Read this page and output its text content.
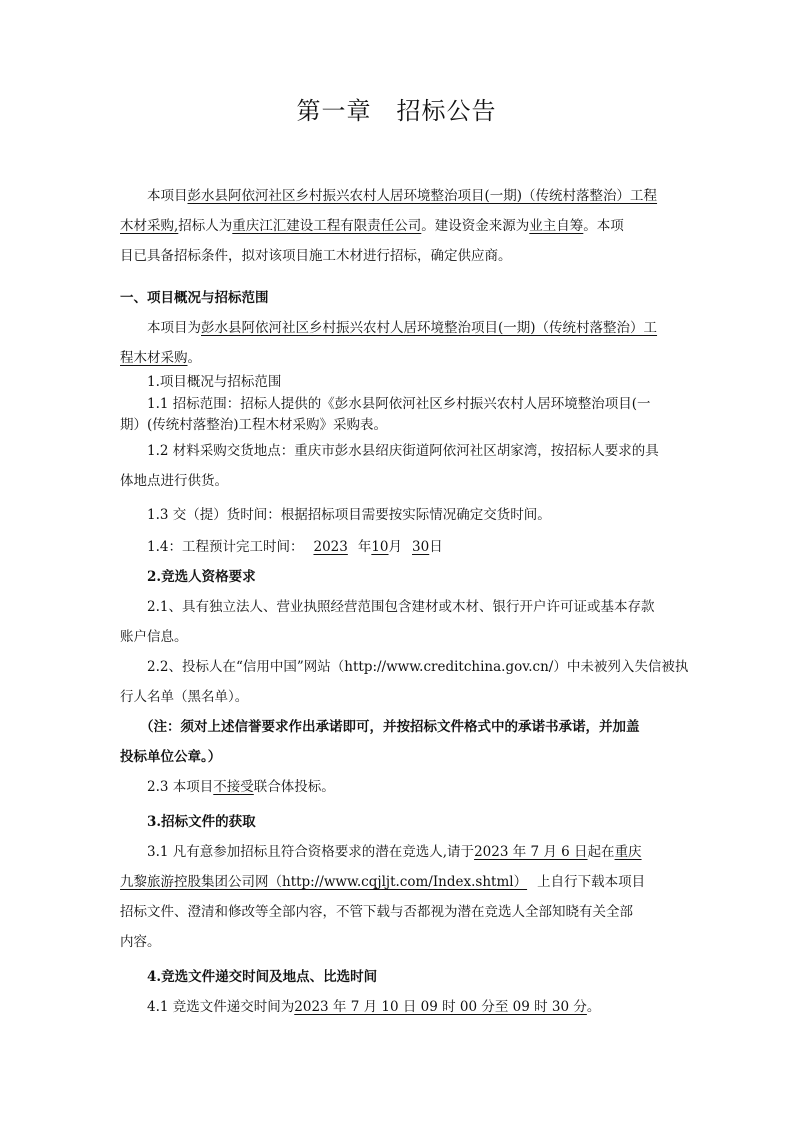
第一章　招标公告

本项目彭水县阿依河社区乡村振兴农村人居环境整治项目(一期)（传统村落整治）工程

木材采购,招标人为重庆江汇建设工程有限责任公司。建设资金来源为业主自筹。本项

目已具备招标条件，拟对该项目施工木材进行招标，确定供应商。

一、项目概况与招标范围

本项目为彭水县阿依河社区乡村振兴农村人居环境整治项目(一期)（传统村落整治）工

程木材采购。

1.项目概况与招标范围

1.1 招标范围：招标人提供的《彭水县阿依河社区乡村振兴农村人居环境整治项目(一

期）(传统村落整治)工程木材采购》采购表。

1.2 材料采购交货地点：重庆市彭水县绍庆街道阿依河社区胡家湾，按招标人要求的具

体地点进行供货。

1.3 交（提）货时间：根据招标项目需要按实际情况确定交货时间。

1.4：工程预计完工时间： 2023 年10月 30日

2.竞选人资格要求

2.1、具有独立法人、营业执照经营范围包含建材或木材、银行开户许可证或基本存款

账户信息。

2.2、投标人在“信用中国”网站（http://www.creditchina.gov.cn/）中未被列入失信被执

行人名单（黑名单）。

（注：须对上述信誉要求作出承诺即可，并按招标文件格式中的承诺书承诺，并加盖

投标单位公章。）

2.3 本项目不接受联合体投标。

3.招标文件的获取

3.1 凡有意参加招标且符合资格要求的潜在竞选人,请于2023 年 7 月 6 日起在重庆

九黎旅游控股集团公司网（http://www.cqjljt.com/Index.shtml） 上自行下载本项目

招标文件、澄清和修改等全部内容，不管下载与否都视为潜在竞选人全部知晓有关全部

内容。

4.竞选文件递交时间及地点、比选时间

4.1 竞选文件递交时间为2023 年 7 月 10 日 09 时 00 分至 09 时 30 分。
